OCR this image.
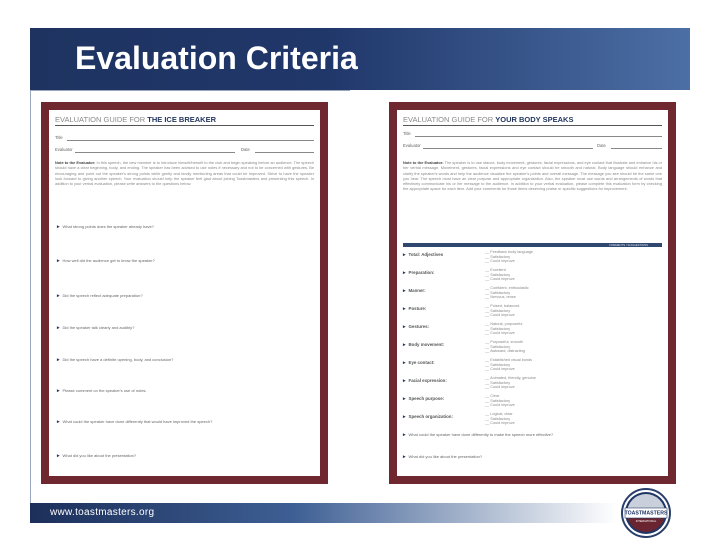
Evaluation Criteria
EVALUATION GUIDE FOR THE ICE BREAKER
Title
Evaluator	Date
Note to the Evaluator: In this speech, the new member is to introduce himself/herself to the club and begin speaking before an audience. The speech should have a clear beginning, body, and ending. The speaker has been advised to use notes if necessary and not to be concerned with gestures. Be encouraging and point out the speaker's strong points while gently and kindly mentioning areas that could be improved. Strive to have the speaker look forward to giving another speech. Your evaluation should help the speaker feel glad about joining Toastmasters and presenting this speech. In addition to your verbal evaluation, please write answers to the questions below.
▸ What strong points does the speaker already have?
▸ How well did the audience get to know the speaker?
▸ Did the speech reflect adequate preparation?
▸ Did the speaker talk clearly and audibly?
▸ Did the speech have a definite opening, body, and conclusion?
▸ Please comment on the speaker's use of notes.
▸ What could the speaker have done differently that would have improved the speech?
▸ What did you like about the presentation?
EVALUATION GUIDE FOR YOUR BODY SPEAKS
Title
Evaluator	Date
Note to the Evaluator: The speaker is to use stance, body movement, gestures, facial expressions, and eye contact that illustrate and enhance his or her verbal message. Movement, gestures, facial expressions and eye contact should be smooth and natural. Body language should enhance and clarify the speaker's words and help the audience visualize the speaker's points and overall message. The message you see should be the same one you hear. The speech must have an clear purpose and appropriate organization. Also, the speaker must use words and arrangements of words that effectively communicate his or her message to the audience. In addition to your verbal evaluation, please complete this evaluation form by checking the appropriate space for each item. Add your comments for those items deserving praise or specific suggestions for improvement.
COMMENTS / SUGGESTIONS
▸ Total: Adjectives	__ Feedback body language
__ Satisfactory
__ Could improve
▸ Preparation:	__ Excellent
__ Satisfactory
__ Could improve
▸ Manner:	__ Confident, enthusiastic
__ Satisfactory
__ Nervous, tense
▸ Posture:	__ Poised, balanced
__ Satisfactory
__ Could improve
▸ Gestures:	__ Natural, purposeful
__ Satisfactory
__ Could improve
▸ Body movement:	__ Purposeful, smooth
__ Satisfactory
__ Awkward, distracting
▸ Eye contact:	__ Established visual bonds
__ Satisfactory
__ Could improve
▸ Facial expression:	__ Animated, friendly, genuine
__ Satisfactory
__ Could improve
▸ Speech purpose:	__ Clear
__ Satisfactory
__ Could improve
▸ Speech organization:	__ Logical, clear
__ Satisfactory
__ Could improve
▸ What could the speaker have done differently to make the speech more effective?
▸ What did you like about the presentation?
www.toastmasters.org	TOASTMASTERS
INTERNATIONAL
